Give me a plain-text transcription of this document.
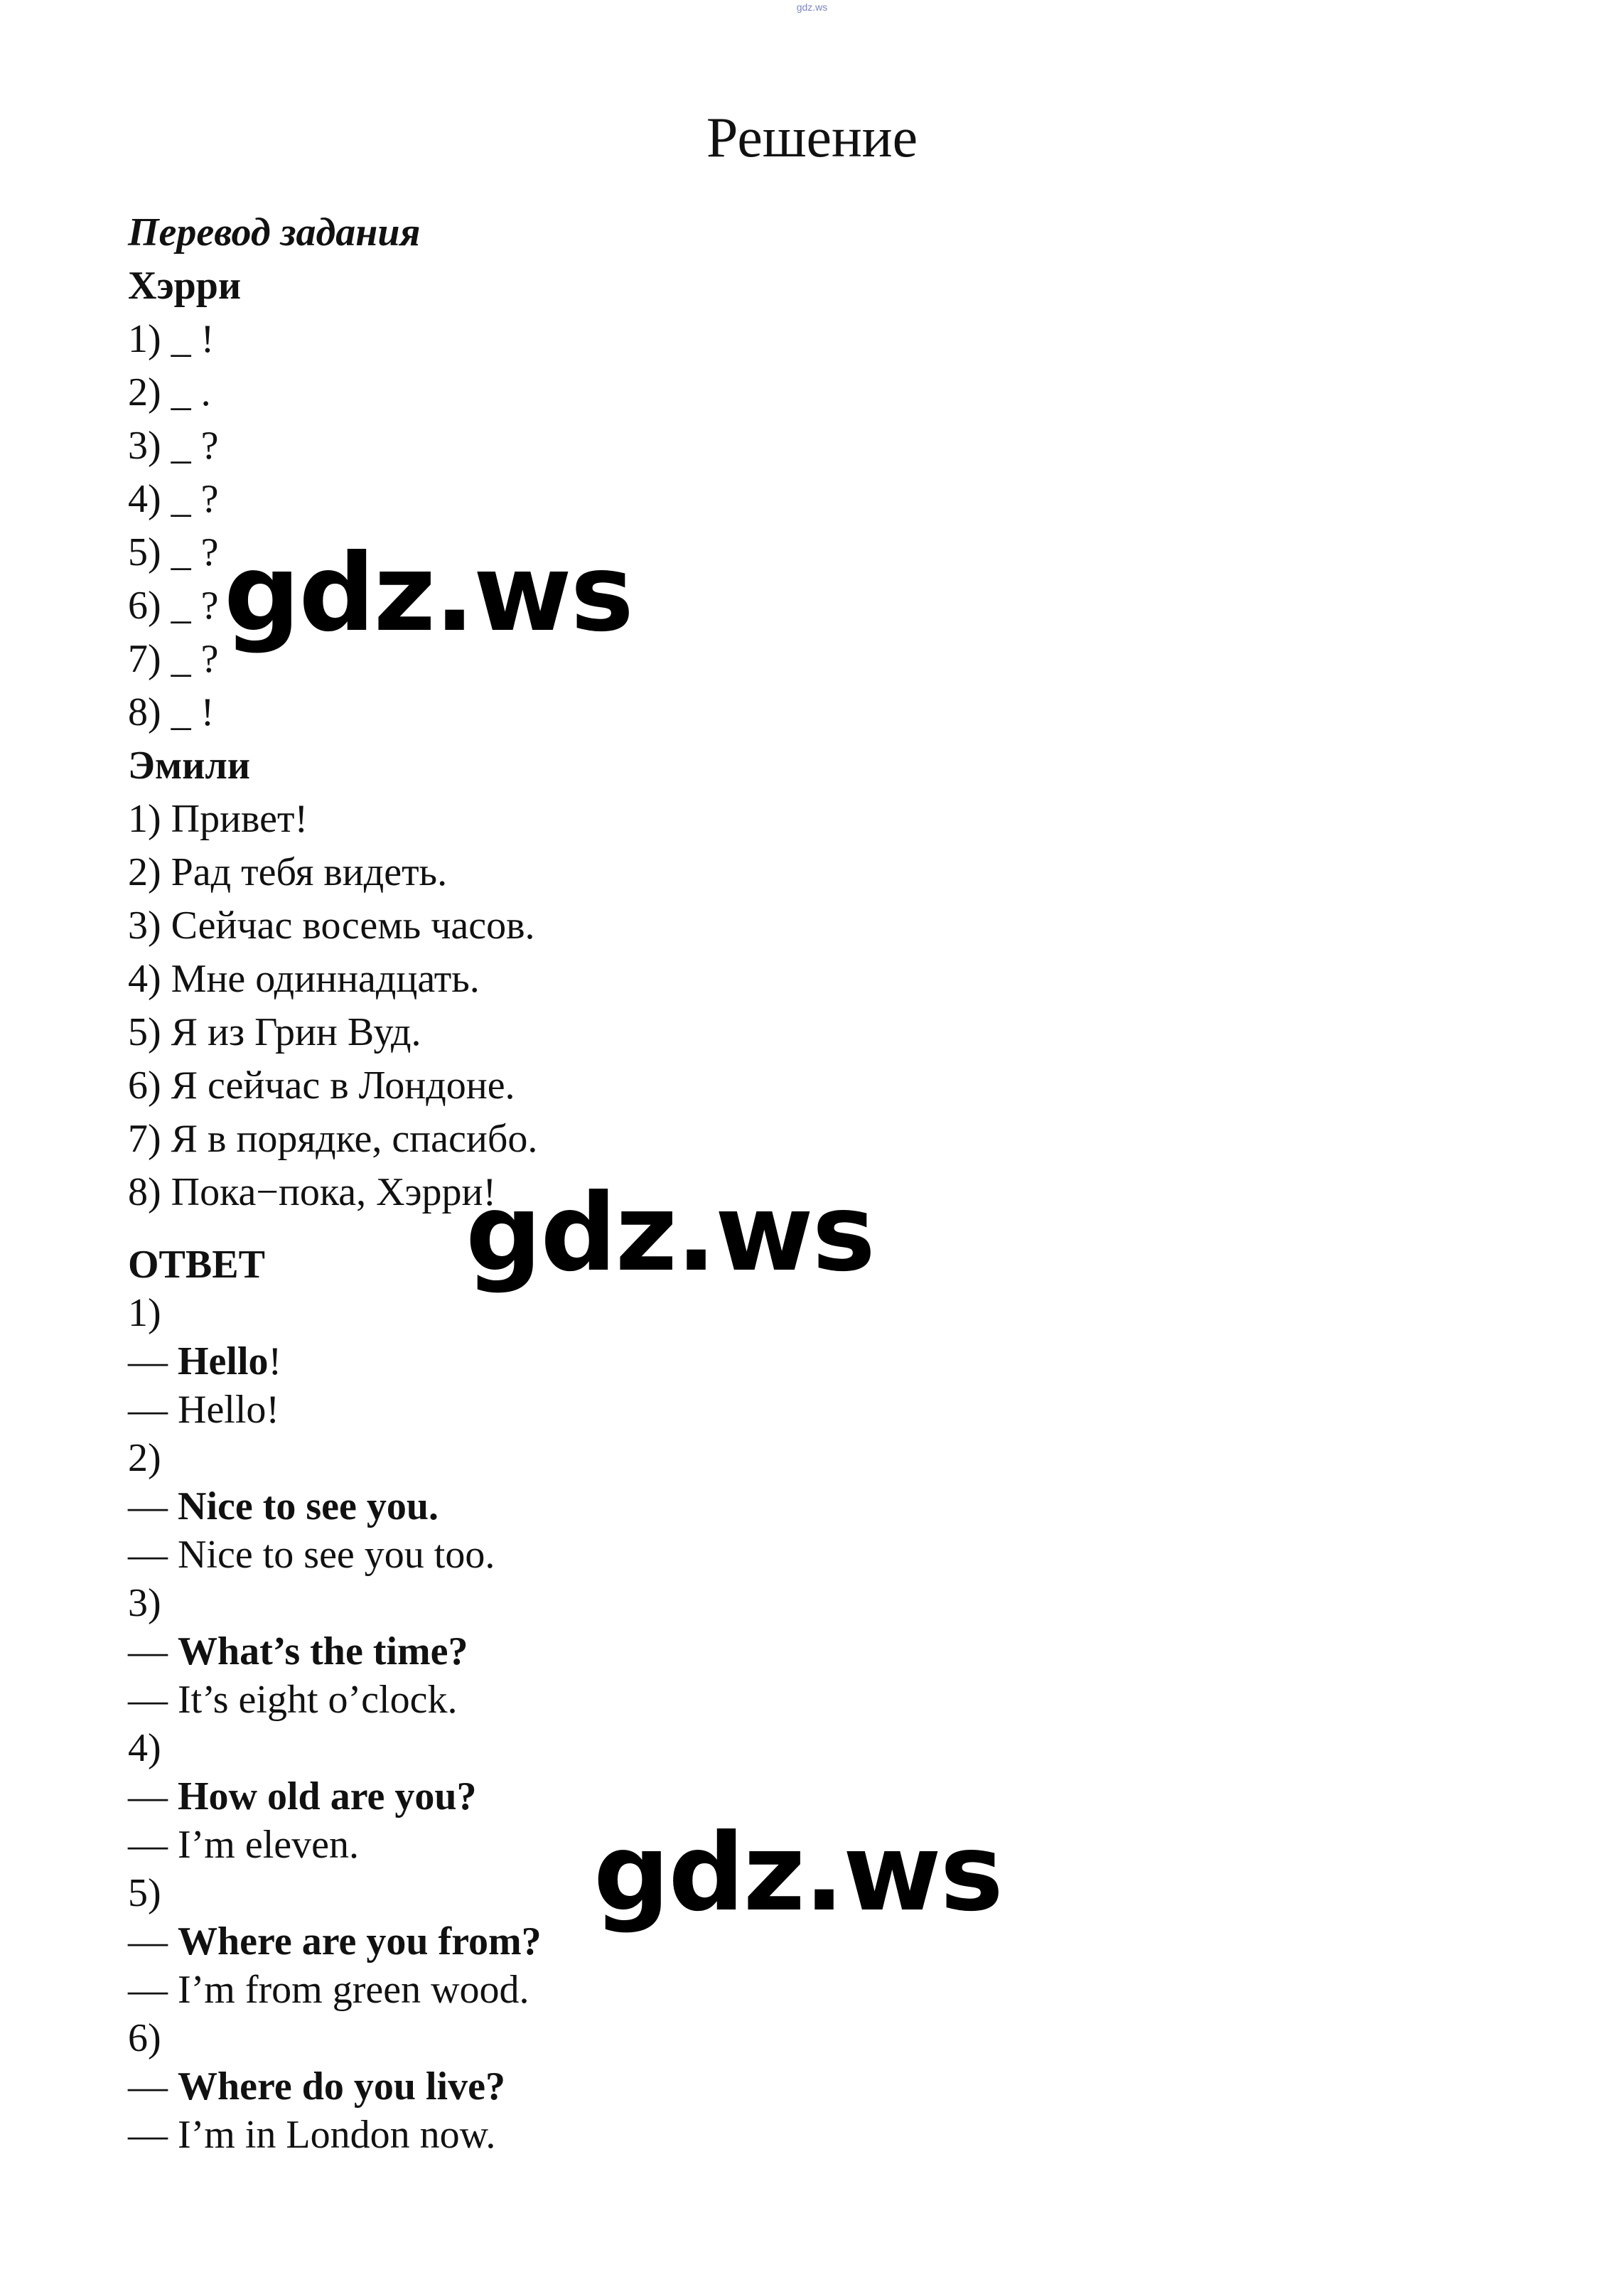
gdz.ws
Решение
Перевод задания
Хэрри
1) _ !
2) _ .
3) _ ?
4) _ ?
5) _ ?
6) _ ?
7) _ ?
8) _ !
Эмили
1) Привет!
2) Рад тебя видеть.
3) Сейчас восемь часов.
4) Мне одиннадцать.
5) Я из Грин Вуд.
6) Я сейчас в Лондоне.
7) Я в порядке, спасибо.
8) Пока−пока, Хэрри!
ОТВЕТ
1)
— Hello!
— Hello!
2)
— Nice to see you.
— Nice to see you too.
3)
— What’s the time?
— It’s eight o’clock.
4)
— How old are you?
— I’m eleven.
5)
— Where are you from?
— I’m from green wood.
6)
— Where do you live?
— I’m in London now.
gdz.ws
gdz.ws
gdz.ws
